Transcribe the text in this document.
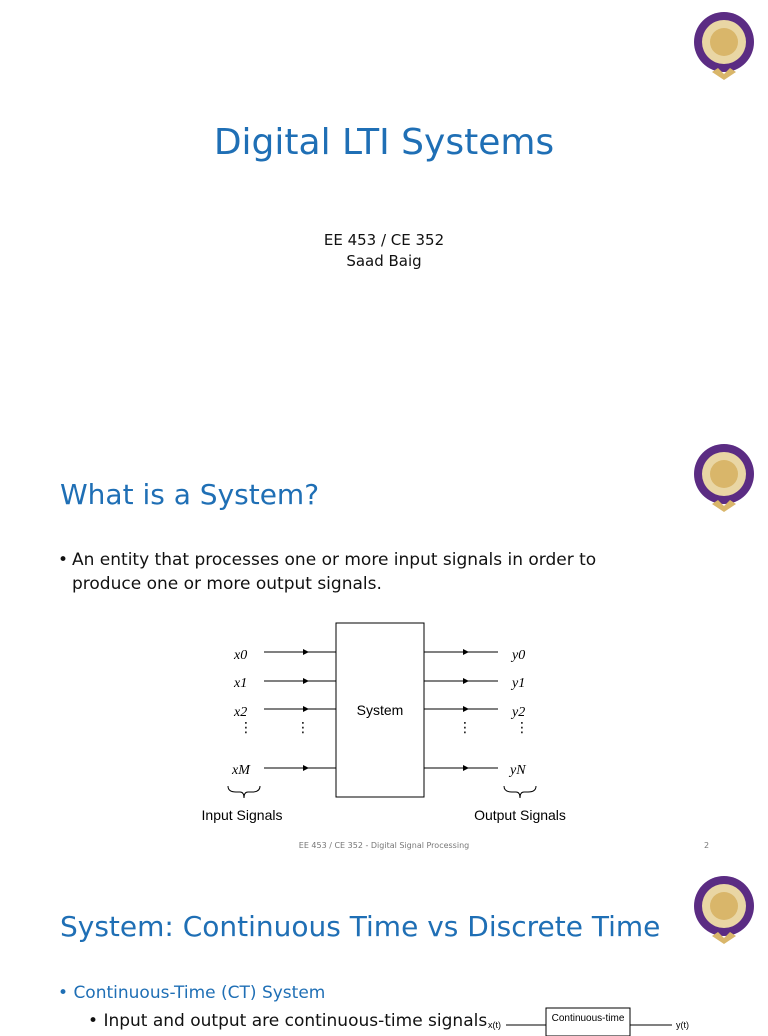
Digital LTI Systems
EE 453 / CE 352
Saad Baig
What is a System?
• An entity that processes one or more input signals in order to
produce one or more output signals.
System
x0
x1
x2
xM
⋮	⋮	⋮	⋮
y0
y1
y2
yN
Input Signals	Output Signals
EE 453 / CE 352 - Digital Signal Processing	2
System: Continuous Time vs Discrete Time
• Continuous-Time (CT) System
• Input and output are continuous-time signals x(t)
Continuous-time
y(t)
